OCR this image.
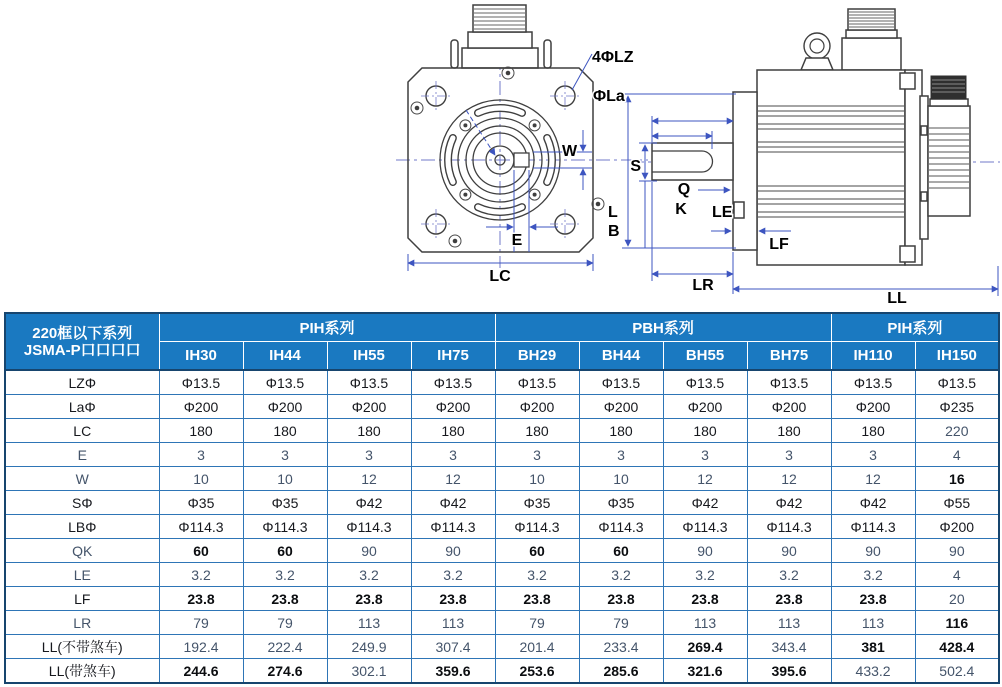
4ΦLZ
W
E
LC
ΦLa
S
Q
K
L
B
LE
LF
LR
LL
220框以下系列
JSMA-P口口口口	PIH系列				PBH系列				PIH系列	
	IH30	IH44	IH55	IH75	BH29	BH44	BH55	BH75	IH110	IH150
LZΦ	Φ13.5	Φ13.5	Φ13.5	Φ13.5	Φ13.5	Φ13.5	Φ13.5	Φ13.5	Φ13.5	Φ13.5
LaΦ	Φ200	Φ200	Φ200	Φ200	Φ200	Φ200	Φ200	Φ200	Φ200	Φ235
LC	180	180	180	180	180	180	180	180	180	220
E	3	3	3	3	3	3	3	3	3	4
W	10	10	12	12	10	10	12	12	12	16
SΦ	Φ35	Φ35	Φ42	Φ42	Φ35	Φ35	Φ42	Φ42	Φ42	Φ55
LBΦ	Φ114.3	Φ114.3	Φ114.3	Φ114.3	Φ114.3	Φ114.3	Φ114.3	Φ114.3	Φ114.3	Φ200
QK	60	60	90	90	60	60	90	90	90	90
LE	3.2	3.2	3.2	3.2	3.2	3.2	3.2	3.2	3.2	4
LF	23.8	23.8	23.8	23.8	23.8	23.8	23.8	23.8	23.8	20
LR	79	79	113	113	79	79	113	113	113	116
LL(不带煞车)	192.4	222.4	249.9	307.4	201.4	233.4	269.4	343.4	381	428.4
LL(带煞车)	244.6	274.6	302.1	359.6	253.6	285.6	321.6	395.6	433.2	502.4
